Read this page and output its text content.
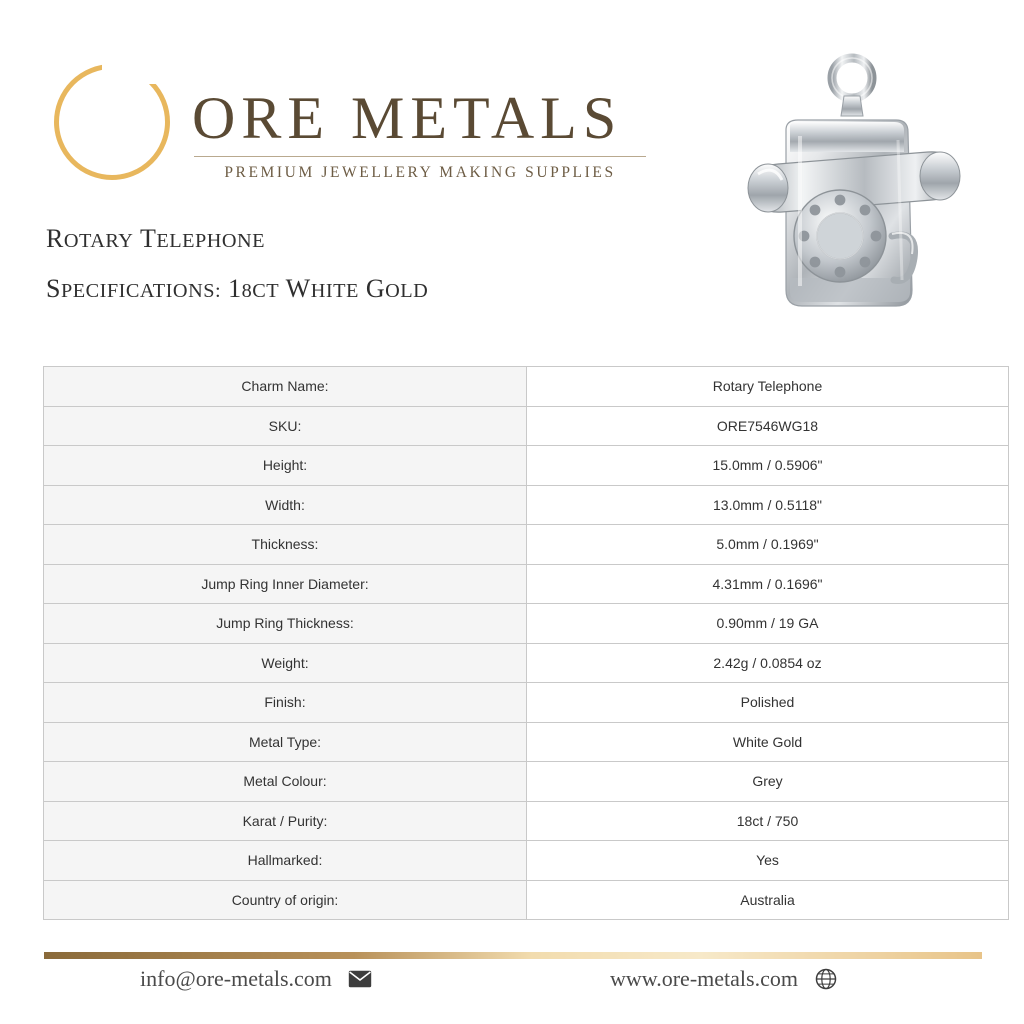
ORE METALS
PREMIUM JEWELLERY MAKING SUPPLIES
ROTARY TELEPHONE
SPECIFICATIONS: 18CT WHITE GOLD
Charm Name:	Rotary Telephone
SKU:	ORE7546WG18
Height:	15.0mm / 0.5906"
Width:	13.0mm / 0.5118"
Thickness:	5.0mm / 0.1969"
Jump Ring Inner Diameter:	4.31mm / 0.1696"
Jump Ring Thickness:	0.90mm / 19 GA
Weight:	2.42g / 0.0854 oz
Finish:	Polished
Metal Type:	White Gold
Metal Colour:	Grey
Karat / Purity:	18ct / 750
Hallmarked:	Yes
Country of origin:	Australia
info@ore-metals.com	www.ore-metals.com
